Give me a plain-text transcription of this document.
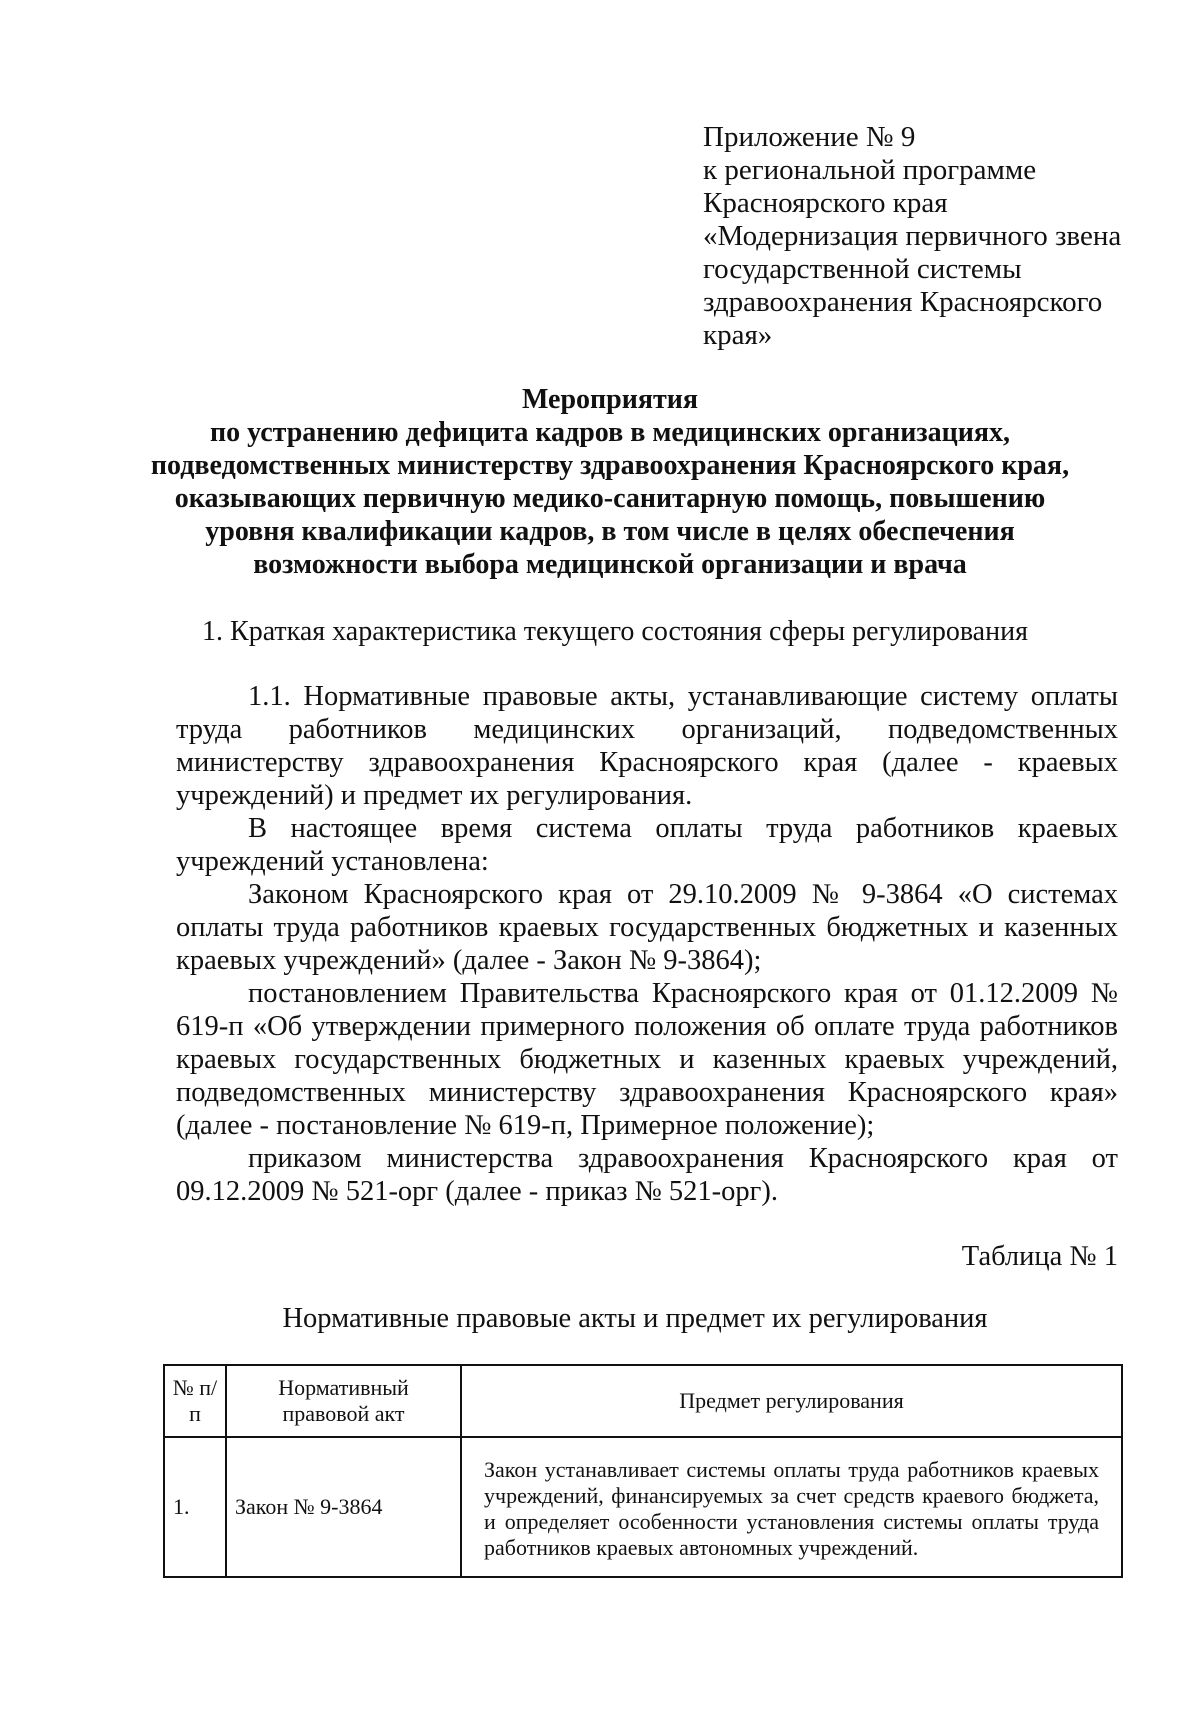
Приложение № 9
к региональной программе
Красноярского края
«Модернизация первичного звена
государственной системы
здравоохранения Красноярского
края»
Мероприятия
по устранению дефицита кадров в медицинских организациях,
подведомственных министерству здравоохранения Красноярского края,
оказывающих первичную медико-санитарную помощь, повышению
уровня квалификации кадров, в том числе в целях обеспечения
возможности выбора медицинской организации и врача
1. Краткая характеристика текущего состояния сферы регулирования

1.1. Нормативные правовые акты, устанавливающие систему оплаты труда работников медицинских организаций, подведомственных министерству здравоохранения Красноярского края (далее - краевых учреждений) и предмет их регулирования.

В настоящее время система оплаты труда работников краевых учреждений установлена:

Законом Красноярского края от 29.10.2009 № 9-3864 «О системах оплаты труда работников краевых государственных бюджетных и казенных краевых учреждений» (далее - Закон № 9-3864);

постановлением Правительства Красноярского края от 01.12.2009 № 619-п «Об утверждении примерного положения об оплате труда работников краевых государственных бюджетных и казенных краевых учреждений, подведомственных министерству здравоохранения Красноярского края» (далее - постановление № 619-п, Примерное положение);

приказом министерства здравоохранения Красноярского края от 09.12.2009 № 521-орг (далее - приказ № 521-орг).

Таблица № 1
Нормативные правовые акты и предмет их регулирования
№ п/п	Нормативный правовой акт	Предмет регулирования
1.	Закон № 9-3864	Закон устанавливает системы оплаты труда работников краевых учреждений, финансируемых за счет средств краевого бюджета, и определяет особенности установления системы оплаты труда работников краевых автономных учреждений.
